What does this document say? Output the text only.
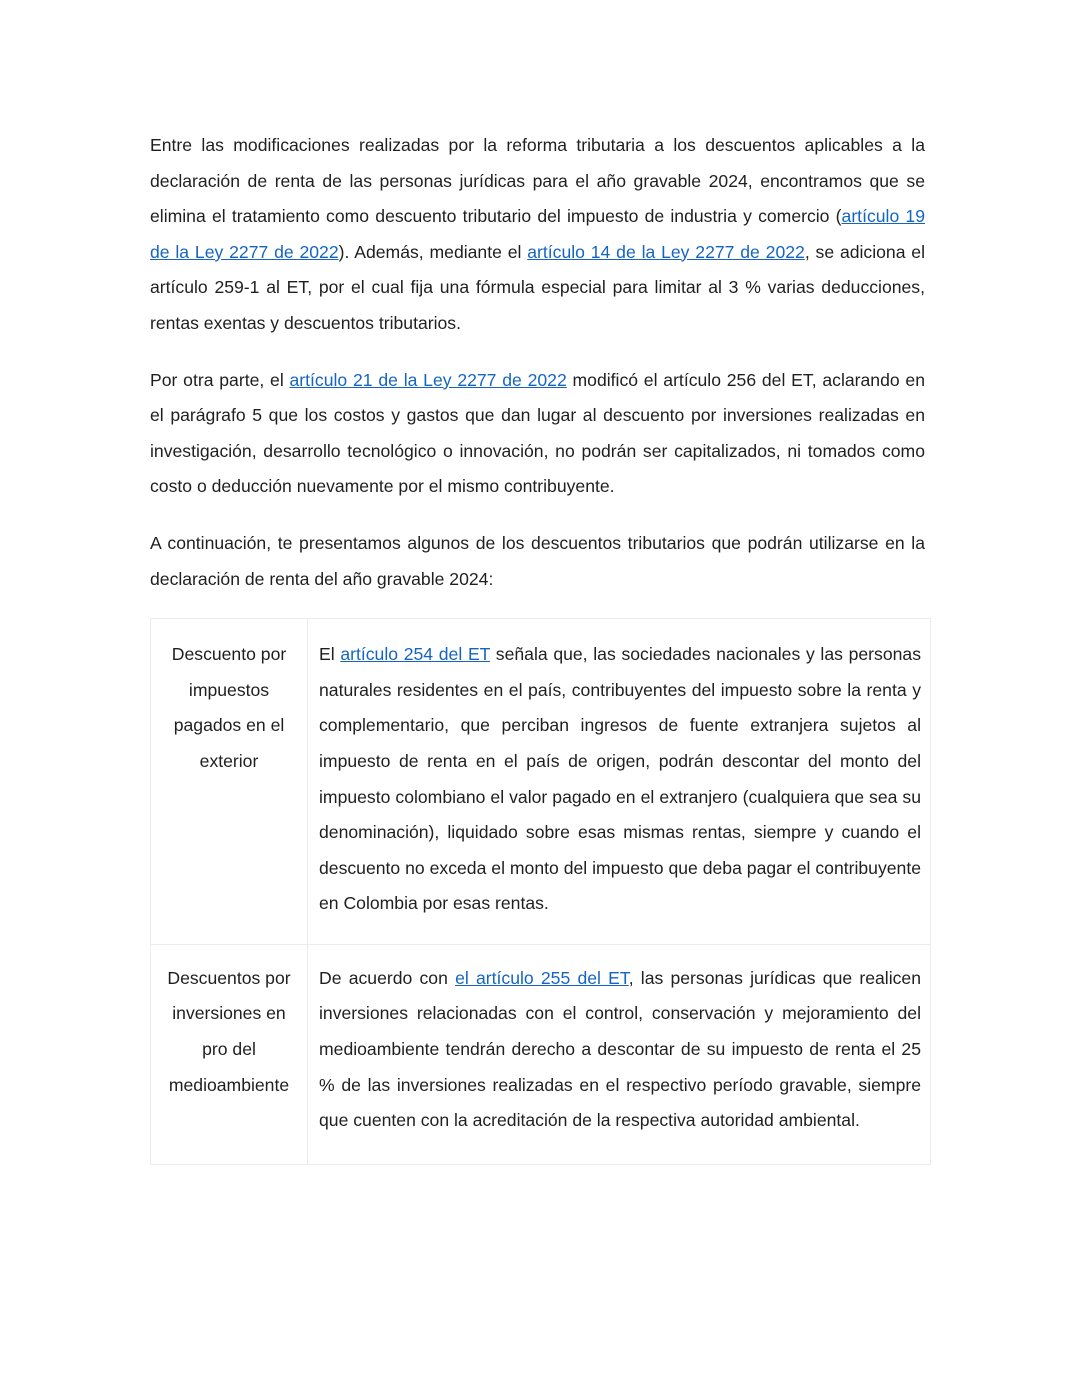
Entre las modificaciones realizadas por la reforma tributaria a los descuentos aplicables a la declaración de renta de las personas jurídicas para el año gravable 2024, encontramos que se elimina el tratamiento como descuento tributario del impuesto de industria y comercio (artículo 19 de la Ley 2277 de 2022). Además, mediante el artículo 14 de la Ley 2277 de 2022, se adiciona el artículo 259-1 al ET, por el cual fija una fórmula especial para limitar al 3 % varias deducciones, rentas exentas y descuentos tributarios.

Por otra parte, el artículo 21 de la Ley 2277 de 2022 modificó el artículo 256 del ET, aclarando en el parágrafo 5 que los costos y gastos que dan lugar al descuento por inversiones realizadas en investigación, desarrollo tecnológico o innovación, no podrán ser capitalizados, ni tomados como costo o deducción nuevamente por el mismo contribuyente.

A continuación, te presentamos algunos de los descuentos tributarios que podrán utilizarse en la declaración de renta del año gravable 2024:

Descuento por impuestos pagados en el exterior	El artículo 254 del ET señala que, las sociedades nacionales y las personas naturales residentes en el país, contribuyentes del impuesto sobre la renta y complementario, que perciban ingresos de fuente extranjera sujetos al impuesto de renta en el país de origen, podrán descontar del monto del impuesto colombiano el valor pagado en el extranjero (cualquiera que sea su denominación), liquidado sobre esas mismas rentas, siempre y cuando el descuento no exceda el monto del impuesto que deba pagar el contribuyente en Colombia por esas rentas.
Descuentos por inversiones en pro del medioambiente	De acuerdo con el artículo 255 del ET, las personas jurídicas que realicen inversiones relacionadas con el control, conservación y mejoramiento del medioambiente tendrán derecho a descontar de su impuesto de renta el 25 % de las inversiones realizadas en el respectivo período gravable, siempre que cuenten con la acreditación de la respectiva autoridad ambiental.
